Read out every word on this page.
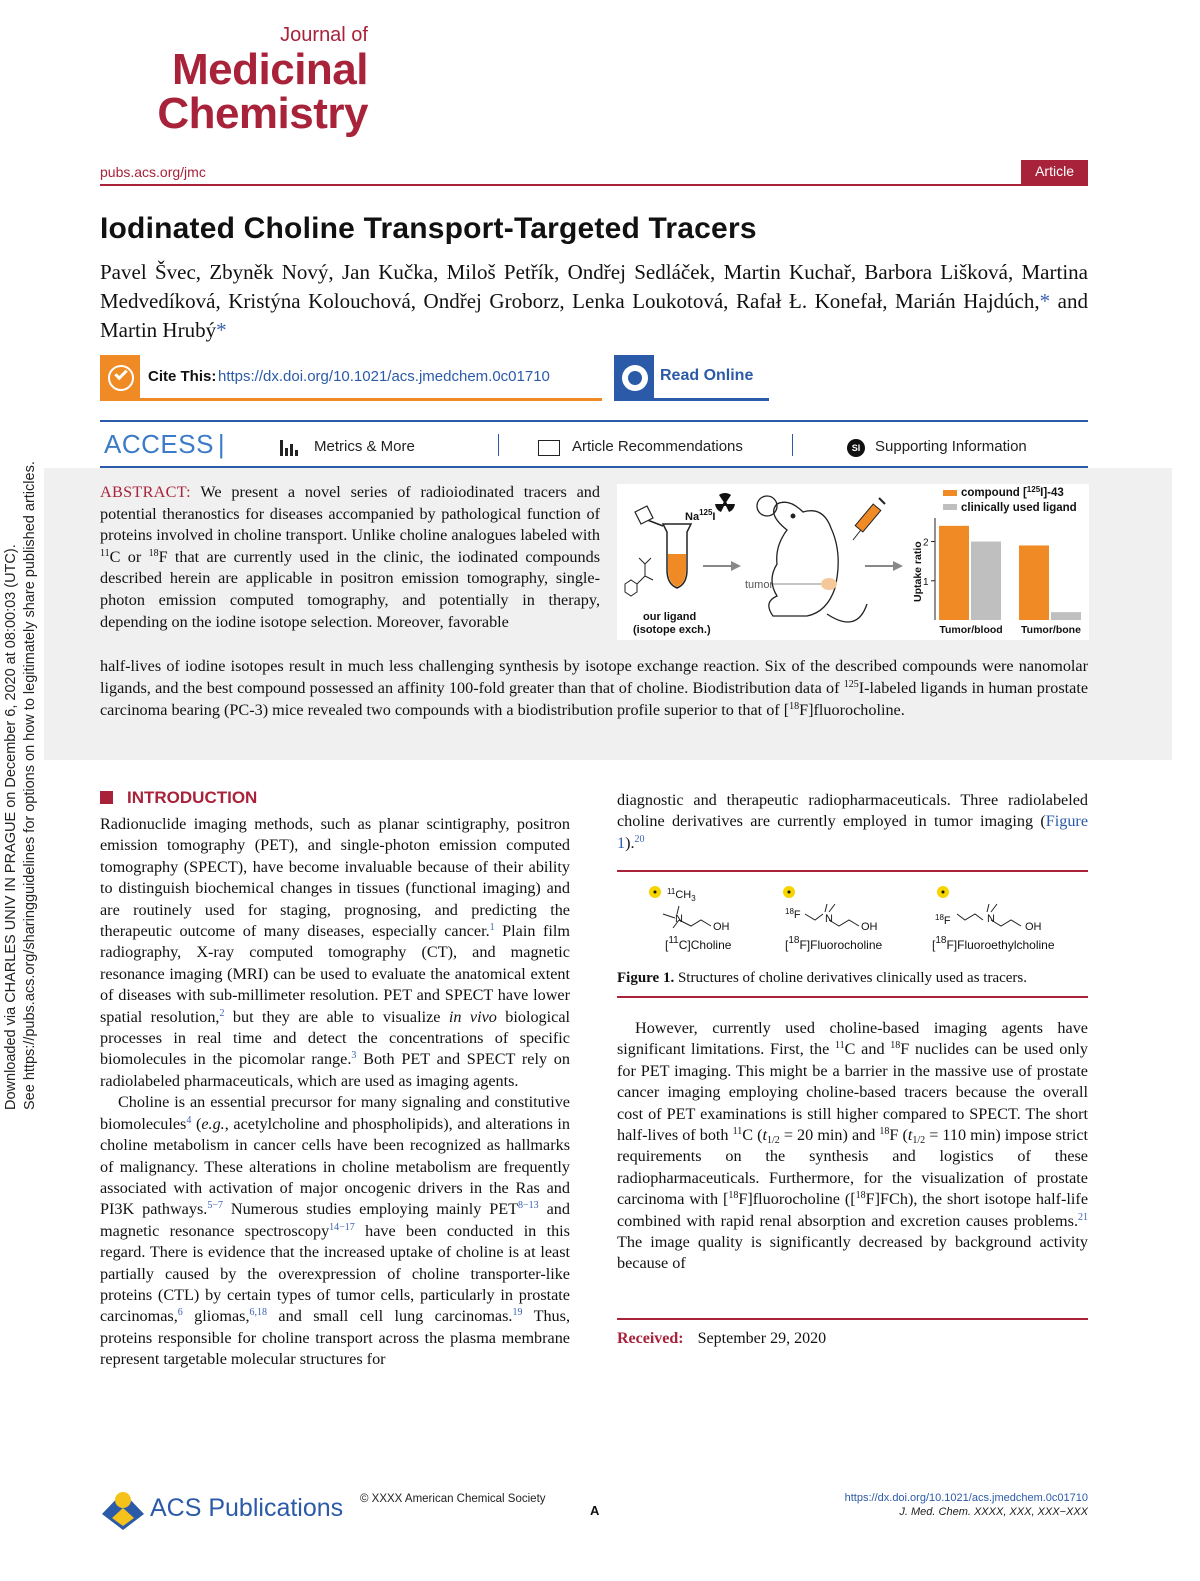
Downloaded via CHARLES UNIV IN PRAGUE on December 6, 2020 at 08:00:03 (UTC). See https://pubs.acs.org/sharingguidelines for options on how to legitimately share published articles.
Journal of
Medicinal
Chemistry
pubs.acs.org/jmc	Article
Iodinated Choline Transport-Targeted Tracers
Pavel Švec, Zbyněk Nový, Jan Kučka, Miloš Petřík, Ondřej Sedláček, Martin Kuchař, Barbora Lišková, Martina Medvedíková, Kristýna Kolouchová, Ondřej Groborz, Lenka Loukotová, Rafał Ł. Konefał, Marián Hajdúch,* and Martin Hrubý*
Cite This: https://dx.doi.org/10.1021/acs.jmedchem.0c01710	Read Online
ACCESS |	Metrics & More	Article Recommendations	SI Supporting Information
ABSTRACT: We present a novel series of radioiodinated tracers and potential theranostics for diseases accompanied by pathological function of proteins involved in choline transport. Unlike choline analogues labeled with $^{11}$C or $^{18}$F that are currently used in the clinic, the iodinated compounds described herein are applicable in positron emission tomography, single-photon emission computed tomography, and potentially in therapy, depending on the iodine isotope selection. Moreover, favorable
half-lives of iodine isotopes result in much less challenging synthesis by isotope exchange reaction. Six of the described compounds were nanomolar ligands, and the best compound possessed an affinity 100-fold greater than that of choline. Biodistribution data of $^{125}$I-labeled ligands in human prostate carcinoma bearing (PC-3) mice revealed two compounds with a biodistribution profile superior to that of [$^{18}$F]fluorocholine.
Na$^{125}$I
our ligand
(isotope exch.)
tumor
compound [$^{125}$I]-43
clinically used ligand
Uptake ratio 1
2
Tumor/blood Tumor/bone
INTRODUCTION

Radionuclide imaging methods, such as planar scintigraphy, positron emission tomography (PET), and single-photon emission computed tomography (SPECT), have become invaluable because of their ability to distinguish biochemical changes in tissues (functional imaging) and are routinely used for staging, prognosing, and predicting the therapeutic outcome of many diseases, especially cancer.$^1$ Plain film radiography, X-ray computed tomography (CT), and magnetic resonance imaging (MRI) can be used to evaluate the anatomical extent of diseases with sub-millimeter resolution. PET and SPECT have lower spatial resolution,$^2$ but they are able to visualize in vivo biological processes in real time and detect the concentrations of specific biomolecules in the picomolar range.$^3$ Both PET and SPECT rely on radiolabeled pharmaceuticals, which are used as imaging agents.

Choline is an essential precursor for many signaling and constitutive biomolecules$^4$ (e.g., acetylcholine and phospholipids), and alterations in choline metabolism in cancer cells have been recognized as hallmarks of malignancy. These alterations in choline metabolism are frequently associated with activation of major oncogenic drivers in the Ras and PI3K pathways.$^{5-7}$ Numerous studies employing mainly PET$^{8-13}$ and magnetic resonance spectroscopy$^{14-17}$ have been conducted in this regard. There is evidence that the increased uptake of choline is at least partially caused by the overexpression of choline transporter-like proteins (CTL) by certain types of tumor cells, particularly in prostate carcinomas,$^6$ gliomas,$^{6,18}$ and small cell lung carcinomas.$^{19}$ Thus, proteins responsible for choline transport across the plasma membrane represent targetable molecular structures for

diagnostic and therapeutic radiopharmaceuticals. Three radiolabeled choline derivatives are currently employed in tumor imaging (Figure 1).$^{20}$

$^{11}CH_3$
N
OH
$^{18}$F N
OH
$^{18}$F	N
OH
[$^{11}$C]Choline	[$^{18}$F]Fluorocholine	[$^{18}$F]Fluoroethylcholine
Figure 1. Structures of choline derivatives clinically used as tracers.

However, currently used choline-based imaging agents have significant limitations. First, the $^{11}$C and $^{18}$F nuclides can be used only for PET imaging. This might be a barrier in the massive use of prostate cancer imaging employing choline-based tracers because the overall cost of PET examinations is still higher compared to SPECT. The short half-lives of both $^{11}$C ($t_{1/2} = 20$ min) and $^{18}$F ($t_{1/2} = 110$ min) impose strict requirements on the synthesis and logistics of these radiopharmaceuticals. Furthermore, for the visualization of prostate carcinoma with [$^{18}$F]fluorocholine ([$^{18}$F]FCh), the short isotope half-life combined with rapid renal absorption and excretion causes problems.$^{21}$ The image quality is significantly decreased by background activity because of

Received: September 29, 2020
ACS Publications © XXXX American Chemical Society
A
https://dx.doi.org/10.1021/acs.jmedchem.0c01710
J. Med. Chem. XXXX, XXX, XXX−XXX
